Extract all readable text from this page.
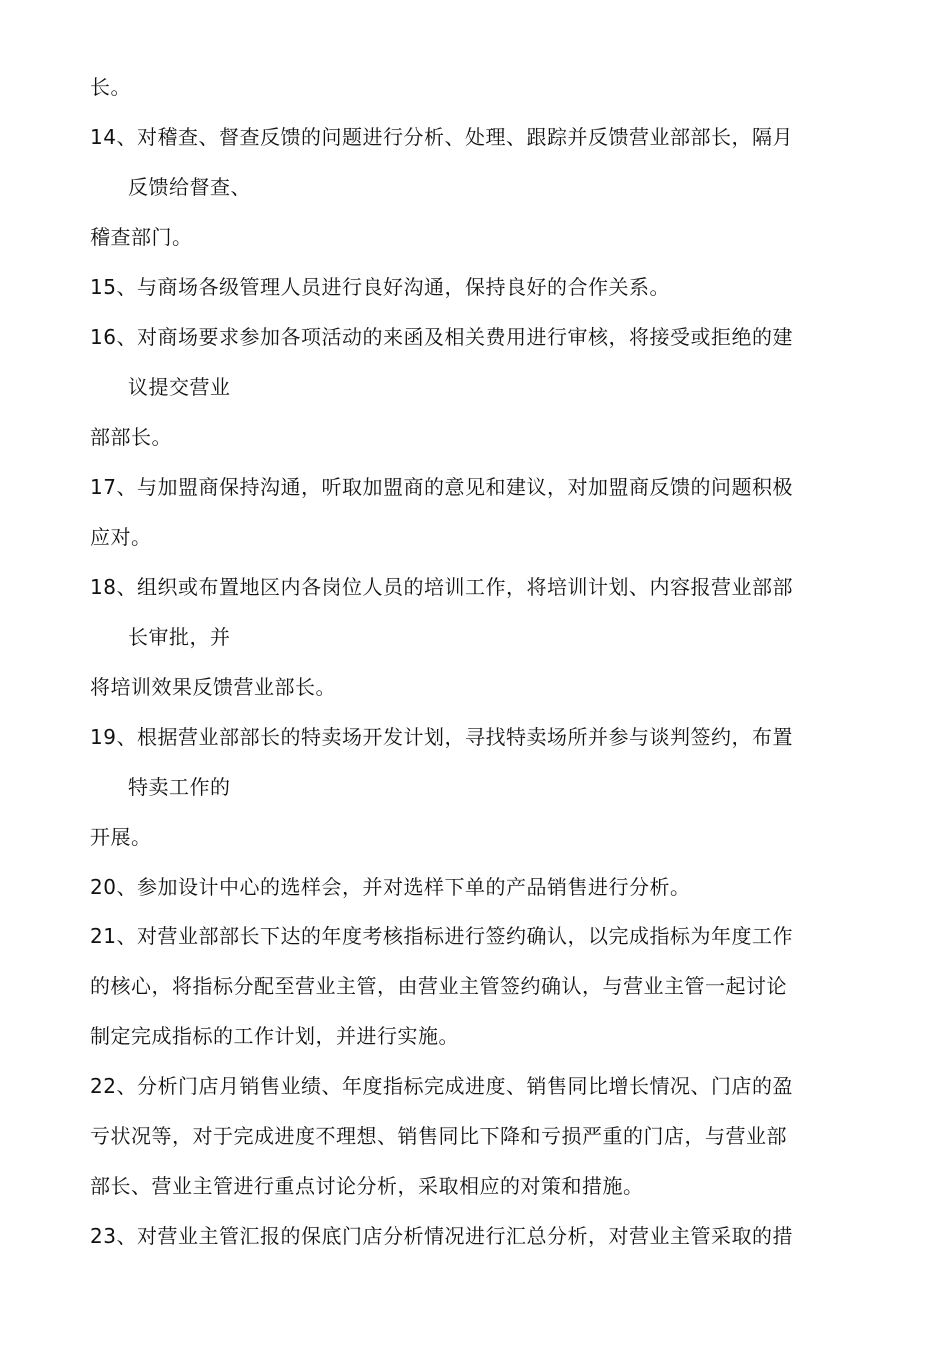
长。
14、对稽查、督查反馈的问题进行分析、处理、跟踪并反馈营业部部长，隔月
反馈给督查、
稽查部门。
15、与商场各级管理人员进行良好沟通，保持良好的合作关系。
16、对商场要求参加各项活动的来函及相关费用进行审核，将接受或拒绝的建
议提交营业
部部长。
17、与加盟商保持沟通，听取加盟商的意见和建议，对加盟商反馈的问题积极
应对。
18、组织或布置地区内各岗位人员的培训工作，将培训计划、内容报营业部部
长审批，并
将培训效果反馈营业部长。
19、根据营业部部长的特卖场开发计划，寻找特卖场所并参与谈判签约，布置
特卖工作的
开展。
20、参加设计中心的选样会，并对选样下单的产品销售进行分析。
21、对营业部部长下达的年度考核指标进行签约确认，以完成指标为年度工作
的核心，将指标分配至营业主管，由营业主管签约确认，与营业主管一起讨论
制定完成指标的工作计划，并进行实施。
22、分析门店月销售业绩、年度指标完成进度、销售同比增长情况、门店的盈
亏状况等，对于完成进度不理想、销售同比下降和亏损严重的门店，与营业部
部长、营业主管进行重点讨论分析，采取相应的对策和措施。
23、对营业主管汇报的保底门店分析情况进行汇总分析，对营业主管采取的措
